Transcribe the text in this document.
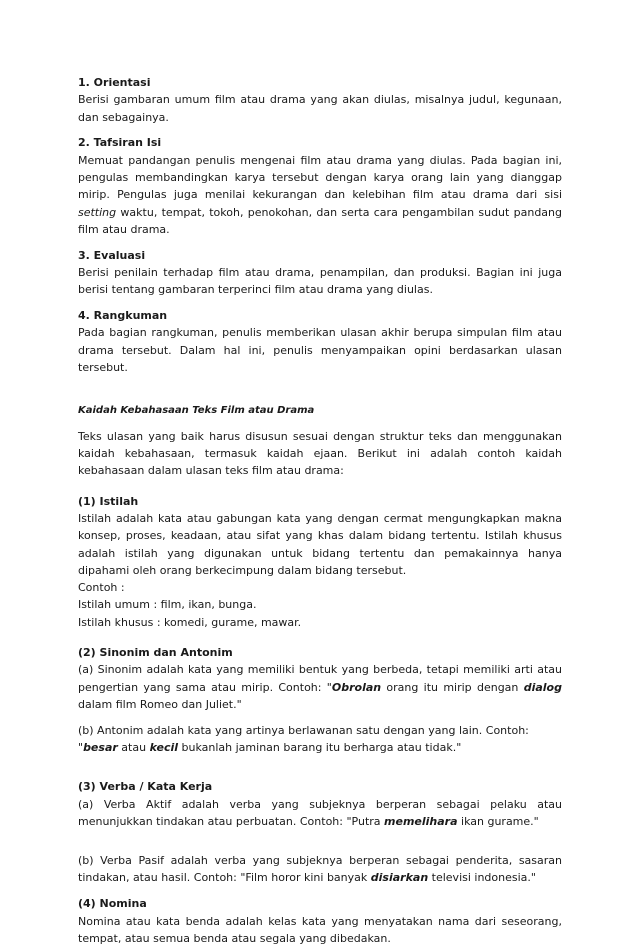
1. Orientasi

Berisi gambaran umum film atau drama yang akan diulas, misalnya judul, kegunaan, dan sebagainya.

2. Tafsiran Isi

Memuat pandangan penulis mengenai film atau drama yang diulas. Pada bagian ini, pengulas membandingkan karya tersebut dengan karya orang lain yang dianggap mirip. Pengulas juga menilai kekurangan dan kelebihan film atau drama dari sisi setting waktu, tempat, tokoh, penokohan, dan serta cara pengambilan sudut pandang film atau drama.

3. Evaluasi

Berisi penilain terhadap film atau drama, penampilan, dan produksi. Bagian ini juga berisi tentang gambaran terperinci film atau drama yang diulas.

4. Rangkuman

Pada bagian rangkuman, penulis memberikan ulasan akhir berupa simpulan film atau drama tersebut. Dalam hal ini, penulis menyampaikan opini berdasarkan ulasan tersebut.

Kaidah Kebahasaan Teks Film atau Drama

Teks ulasan yang baik harus disusun sesuai dengan struktur teks dan menggunakan kaidah kebahasaan, termasuk kaidah ejaan. Berikut ini adalah contoh kaidah kebahasaan dalam ulasan teks film atau drama:

(1) Istilah

Istilah adalah kata atau gabungan kata yang dengan cermat mengungkapkan makna konsep, proses, keadaan, atau sifat yang khas dalam bidang tertentu. Istilah khusus adalah istilah yang digunakan untuk bidang tertentu dan pemakainnya hanya dipahami oleh orang berkecimpung dalam bidang tersebut.

Contoh :

Istilah umum : film, ikan, bunga.

Istilah khusus : komedi, gurame, mawar.

(2) Sinonim dan Antonim

(a) Sinonim adalah kata yang memiliki bentuk yang berbeda, tetapi memiliki arti atau pengertian yang sama atau mirip. Contoh: "Obrolan orang itu mirip dengan dialog dalam film Romeo dan Juliet."

(b) Antonim adalah kata yang artinya berlawanan satu dengan yang lain. Contoh:

"besar atau kecil bukanlah jaminan barang itu berharga atau tidak."

(3) Verba / Kata Kerja

(a) Verba Aktif adalah verba yang subjeknya berperan sebagai pelaku atau menunjukkan tindakan atau perbuatan. Contoh: "Putra memelihara ikan gurame."

(b) Verba Pasif adalah verba yang subjeknya berperan sebagai penderita, sasaran tindakan, atau hasil. Contoh: "Film horor kini banyak disiarkan televisi indonesia."

(4) Nomina

Nomina atau kata benda adalah kelas kata yang menyatakan nama dari seseorang, tempat, atau semua benda atau segala yang dibedakan.
